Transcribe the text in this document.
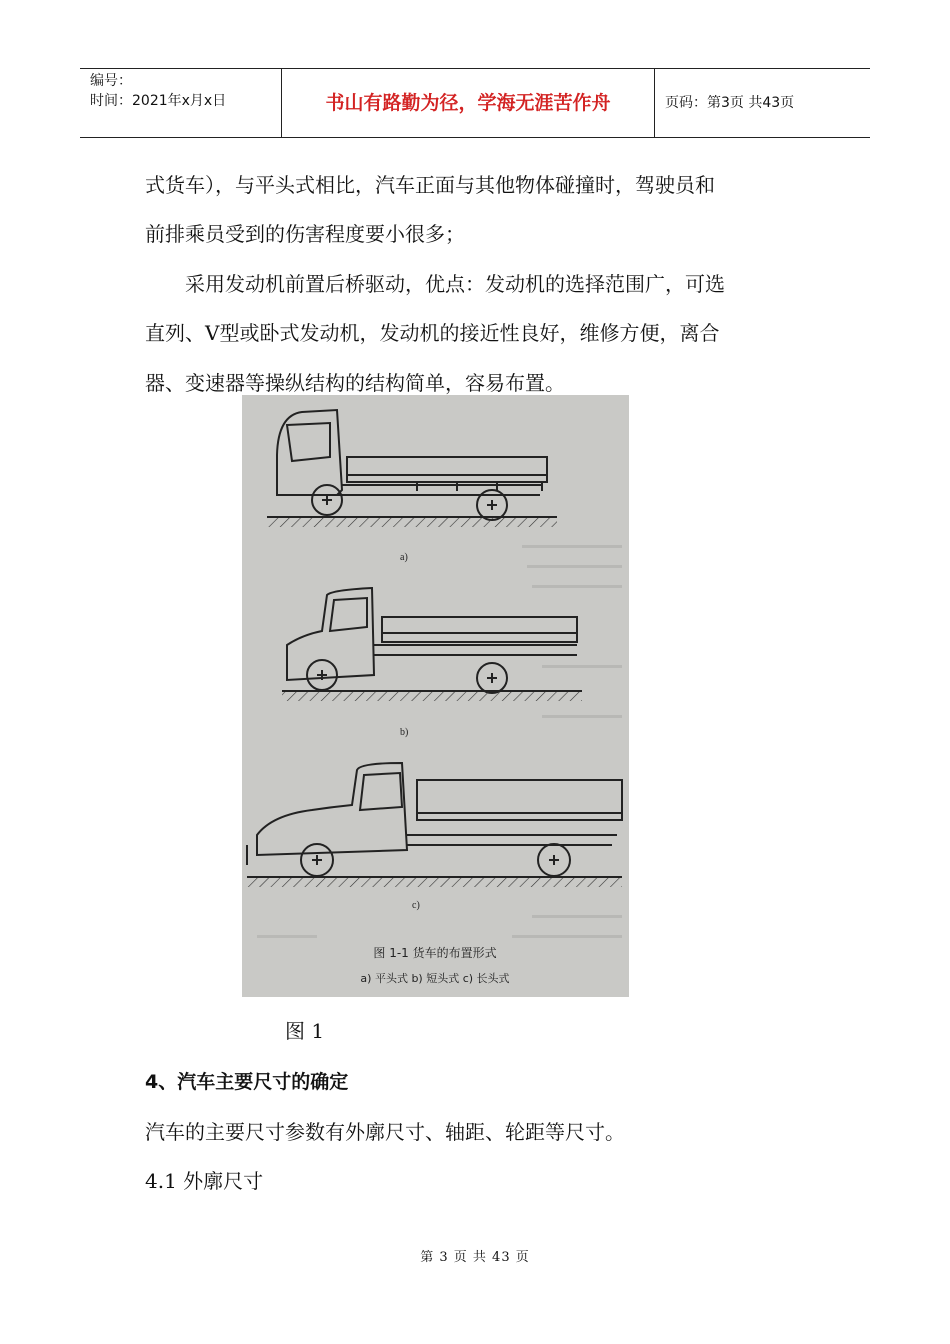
编号：
时间：2021年x月x日	书山有路勤为径，学海无涯苦作舟	页码：第3页 共43页
式货车），与平头式相比，汽车正面与其他物体碰撞时，驾驶员和
前排乘员受到的伤害程度要小很多；
　　采用发动机前置后桥驱动，优点：发动机的选择范围广，可选
直列、V型或卧式发动机，发动机的接近性良好，维修方便，离合
器、变速器等操纵结构的结构简单，容易布置。
a)
b)
c)
图 1-1 货车的布置形式
a) 平头式 b) 短头式 c) 长头式
图 1
4、汽车主要尺寸的确定
汽车的主要尺寸参数有外廓尺寸、轴距、轮距等尺寸。
4.1 外廓尺寸
第 3 页 共 43 页
